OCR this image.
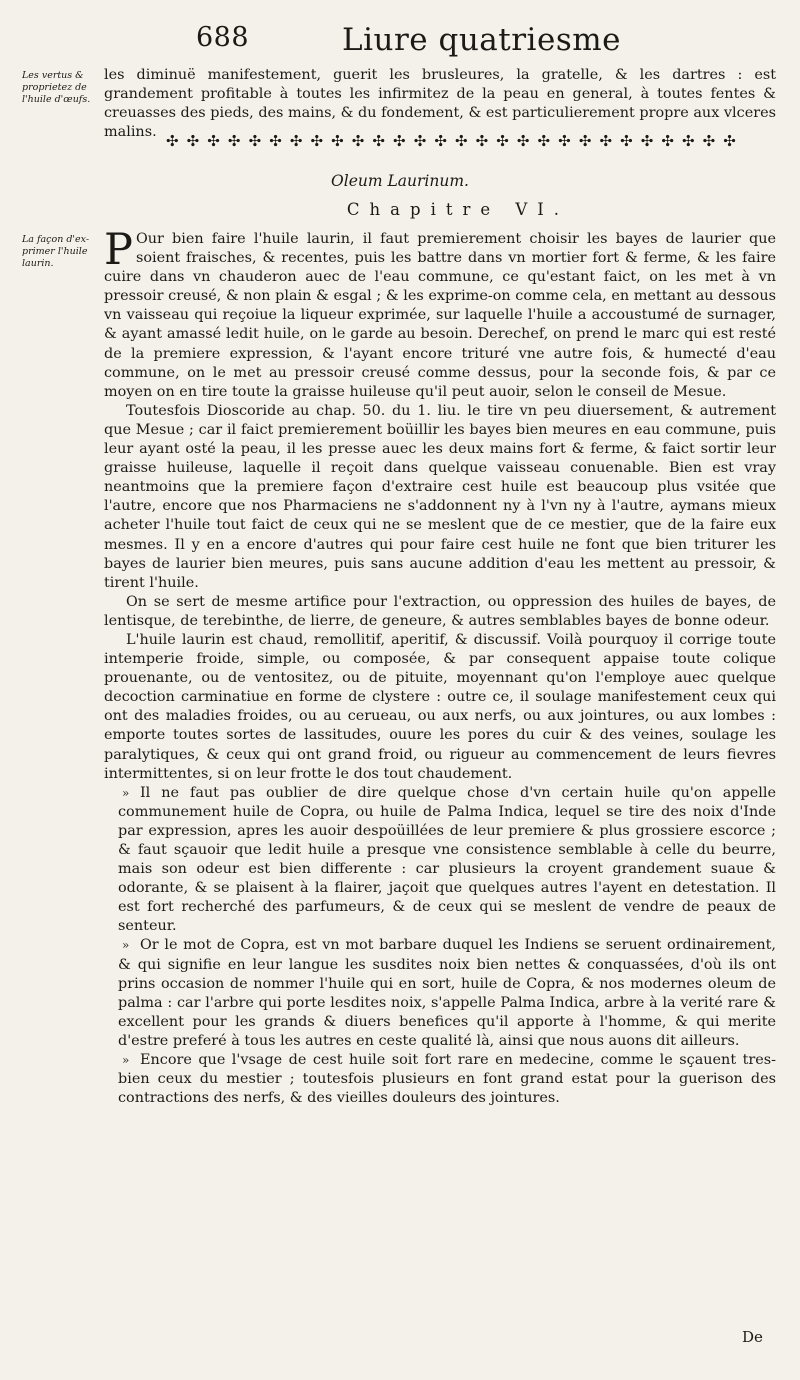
688	Liure quatriesme
Les vertus &
proprietez de
l'huile d'œufs.

les diminuë manifestement, guerit les brusleures, la gratelle, & les dartres : est grandement profitable à toutes les infirmitez de la peau en general, à toutes fentes & creuasses des pieds, des mains, & du fondement, & est particulierement propre aux vlceres malins. ✣ ✣ ✣ ✣ ✣ ✣ ✣ ✣ ✣ ✣ ✣ ✣ ✣ ✣ ✣ ✣ ✣ ✣ ✣ ✣ ✣ ✣ ✣ ✣ ✣ ✣ ✣ ✣
Oleum Laurinum.
Chapitre VI.
La façon d'ex-
primer l'huile
laurin.	P Our bien faire l'huile laurin, il faut premierement choisir les bayes de laurier que soient fraisches, & recentes, puis les battre dans vn mortier fort & ferme, & les faire cuire dans vn chauderon auec de l'eau commune, ce qu'estant faict, on les met à vn pressoir creusé, & non plain & esgal ; & les exprime-on comme cela, en mettant au dessous vn vaisseau qui reçoiue la liqueur exprimée, sur laquelle l'huile a accoustumé de surnager, & ayant amassé ledit huile, on le garde au besoin. Derechef, on prend le marc qui est resté de la premiere expression, & l'ayant encore trituré vne autre fois, & humecté d'eau commune, on le met au pressoir creusé comme dessus, pour la seconde fois, & par ce moyen on en tire toute la graisse huileuse qu'il peut auoir, selon le conseil de Mesue.

Toutesfois Dioscoride au chap. 50. du 1. liu. le tire vn peu diuersement, & autrement que Mesue ; car il faict premierement boüillir les bayes bien meures en eau commune, puis leur ayant osté la peau, il les presse auec les deux mains fort & ferme, & faict sortir leur graisse huileuse, laquelle il reçoit dans quelque vaisseau conuenable. Bien est vray neantmoins que la premiere façon d'extraire cest huile est beaucoup plus vsitée que l'autre, encore que nos Pharmaciens ne s'addonnent ny à l'vn ny à l'autre, aymans mieux acheter l'huile tout faict de ceux qui ne se meslent que de ce mestier, que de la faire eux mesmes. Il y en a encore d'autres qui pour faire cest huile ne font que bien triturer les bayes de laurier bien meures, puis sans aucune addition d'eau les mettent au pressoir, & tirent l'huile.

On se sert de mesme artifice pour l'extraction, ou oppression des huiles de bayes, de lentisque, de terebinthe, de lierre, de geneure, & autres semblables bayes de bonne odeur.

L'huile laurin est chaud, remollitif, aperitif, & discussif. Voilà pourquoy il corrige toute intemperie froide, simple, ou composée, & par consequent appaise toute colique prouenante, ou de ventositez, ou de pituite, moyennant qu'on l'employe auec quelque decoction carminatiue en forme de clystere : outre ce, il soulage manifestement ceux qui ont des maladies froides, ou au cerueau, ou aux nerfs, ou aux jointures, ou aux lombes : emporte toutes sortes de lassitudes, ouure les pores du cuir & des veines, soulage les paralytiques, & ceux qui ont grand froid, ou rigueur au commencement de leurs fievres intermittentes, si on leur frotte le dos tout chaudement.

» Il ne faut pas oublier de dire quelque chose d'vn certain huile qu'on appelle communement huile de Copra, ou huile de Palma Indica, lequel se tire des noix d'Inde par expression, apres les auoir despoüillées de leur premiere & plus grossiere escorce ; & faut sçauoir que ledit huile a presque vne consistence semblable à celle du beurre, mais son odeur est bien differente : car plusieurs la croyent grandement suaue & odorante, & se plaisent à la flairer, jaçoit que quelques autres l'ayent en detestation. Il est fort recherché des parfumeurs, & de ceux qui se meslent de vendre de peaux de senteur.

» Or le mot de Copra, est vn mot barbare duquel les Indiens se seruent ordinairement, & qui signifie en leur langue les susdites noix bien nettes & conquassées, d'où ils ont prins occasion de nommer l'huile qui en sort, huile de Copra, & nos modernes oleum de palma : car l'arbre qui porte lesdites noix, s'appelle Palma Indica, arbre à la verité rare & excellent pour les grands & diuers benefices qu'il apporte à l'homme, & qui merite d'estre preferé à tous les autres en ceste qualité là, ainsi que nous auons dit ailleurs.

» Encore que l'vsage de cest huile soit fort rare en medecine, comme le sçauent tres-bien ceux du mestier ; toutesfois plusieurs en font grand estat pour la guerison des contractions des nerfs, & des vieilles douleurs des jointures.

De
